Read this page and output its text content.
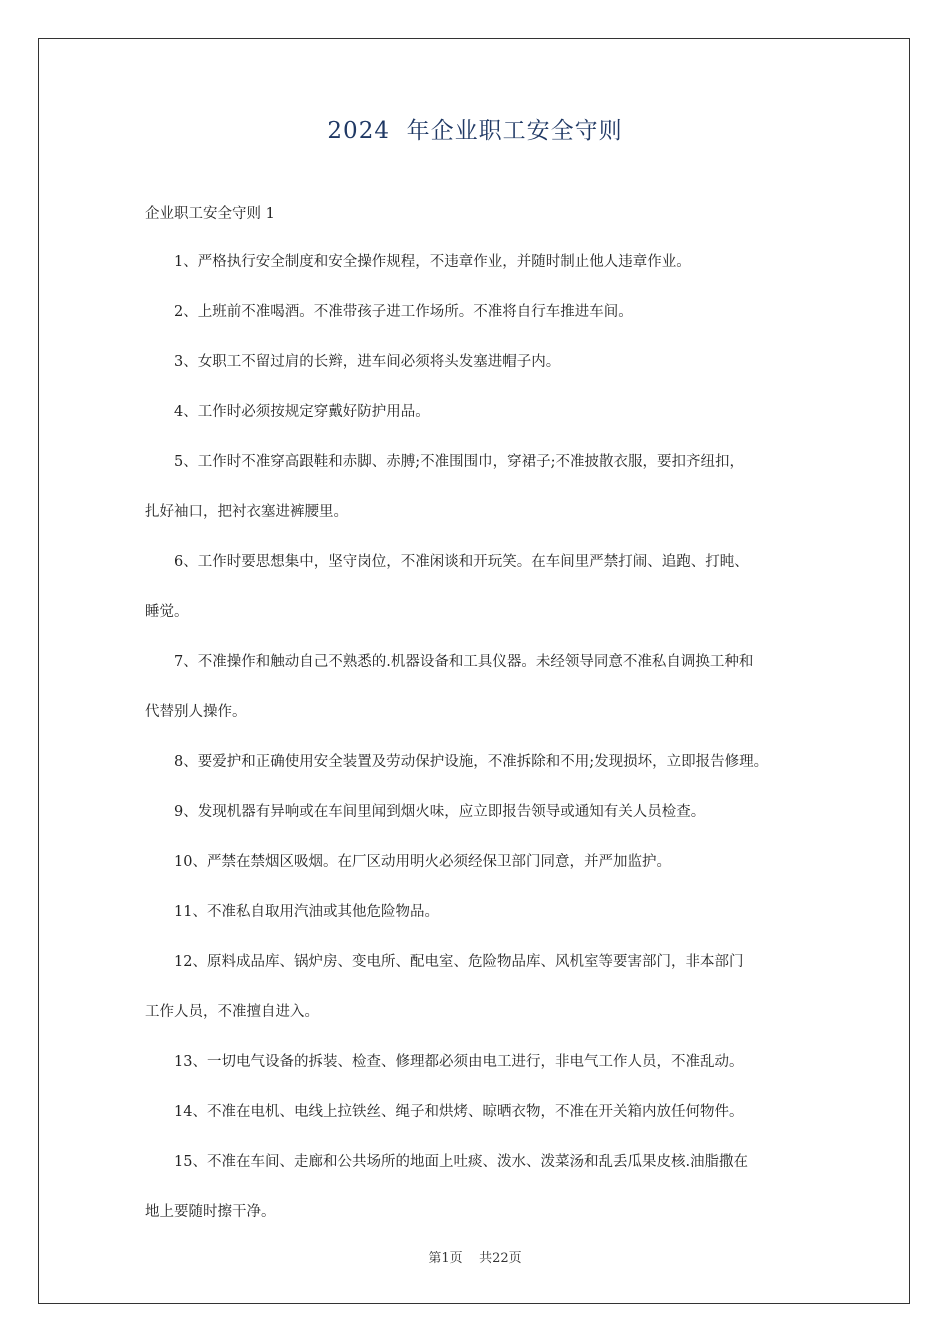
2024  年企业职工安全守则
企业职工安全守则 1
1、严格执行安全制度和安全操作规程，不违章作业，并随时制止他人违章作业。
2、上班前不准喝酒。不准带孩子进工作场所。不准将自行车推进车间。
3、女职工不留过肩的长辫，进车间必须将头发塞进帽子内。
4、工作时必须按规定穿戴好防护用品。
5、工作时不准穿高跟鞋和赤脚、赤膊;不准围围巾，穿裙子;不准披散衣服，要扣齐纽扣，
扎好袖口，把衬衣塞进裤腰里。
6、工作时要思想集中，坚守岗位，不准闲谈和开玩笑。在车间里严禁打闹、追跑、打盹、
睡觉。
7、不准操作和触动自己不熟悉的.机器设备和工具仪器。未经领导同意不准私自调换工种和
代替别人操作。
8、要爱护和正确使用安全装置及劳动保护设施，不准拆除和不用;发现损坏，立即报告修理。
9、发现机器有异响或在车间里闻到烟火味，应立即报告领导或通知有关人员检查。
10、严禁在禁烟区吸烟。在厂区动用明火必须经保卫部门同意，并严加监护。
11、不准私自取用汽油或其他危险物品。
12、原料成品库、锅炉房、变电所、配电室、危险物品库、风机室等要害部门，非本部门
工作人员，不准擅自进入。
13、一切电气设备的拆装、检查、修理都必须由电工进行，非电气工作人员，不准乱动。
14、不准在电机、电线上拉铁丝、绳子和烘烤、晾晒衣物，不准在开关箱内放任何物件。
15、不准在车间、走廊和公共场所的地面上吐痰、泼水、泼菜汤和乱丢瓜果皮核.油脂撒在
地上要随时擦干净。
第1页    共22页
